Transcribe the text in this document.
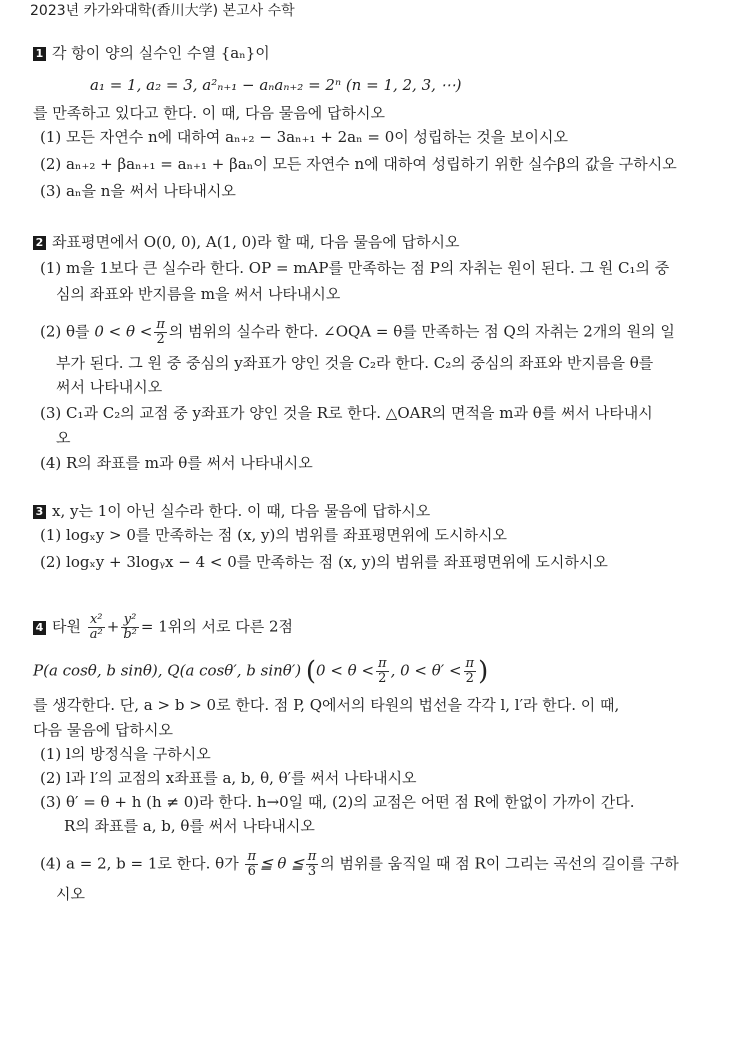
2023년 카가와대학(香川大学) 본고사 수학
1 각 항이 양의 실수인 수열 {aₙ}이
a₁ = 1, a₂ = 3, a²ₙ₊₁ − aₙaₙ₊₂ = 2ⁿ (n = 1, 2, 3, ⋯)
를 만족하고 있다고 한다. 이 때, 다음 물음에 답하시오
(1) 모든 자연수 n에 대하여 aₙ₊₂ − 3aₙ₊₁ + 2aₙ = 0이 성립하는 것을 보이시오
(2) aₙ₊₂ + βaₙ₊₁ = aₙ₊₁ + βaₙ이 모든 자연수 n에 대하여 성립하기 위한 실수β의 값을 구하시오
(3) aₙ을 n을 써서 나타내시오
2 좌표평면에서 O(0, 0), A(1, 0)라 할 때, 다음 물음에 답하시오
(1) m을 1보다 큰 실수라 한다. OP = mAP를 만족하는 점 P의 자취는 원이 된다. 그 원 C₁의 중
심의 좌표와 반지름을 m을 써서 나타내시오
(2) θ를 $0 < \theta < \frac{\pi}{2}$ 의 범위의 실수라 한다. ∠OQA = θ를 만족하는 점 Q의 자취는 2개의 원의 일
부가 된다. 그 원 중 중심의 y좌표가 양인 것을 C₂라 한다. C₂의 중심의 좌표와 반지름을 θ를
써서 나타내시오
(3) C₁과 C₂의 교점 중 y좌표가 양인 것을 R로 한다. △OAR의 면적을 m과 θ를 써서 나타내시
오
(4) R의 좌표를 m과 θ를 써서 나타내시오
3 x, y는 1이 아닌 실수라 한다. 이 때, 다음 물음에 답하시오
(1) logₓy > 0를 만족하는 점 (x, y)의 범위를 좌표평면위에 도시하시오
(2) logₓy + 3logᵧx − 4 < 0를 만족하는 점 (x, y)의 범위를 좌표평면위에 도시하시오
4 타원 $\frac{\text{x²}}{\text{a²}} + \frac{\text{y²}}{\text{b²}} = 1$위의 서로 다른 2점
P(a cosθ, b sinθ), Q(a cosθ′, b sinθ′) ($0 < \theta < \frac{\pi}{2}$ , $0 < \theta' < \frac{\pi}{2}$ )
를 생각한다. 단, a > b > 0로 한다. 점 P, Q에서의 타원의 법선을 각각 l, l′라 한다. 이 때,
다음 물음에 답하시오
(1) l의 방정식을 구하시오
(2) l과 l′의 교점의 x좌표를 a, b, θ, θ′를 써서 나타내시오
(3) θ′ = θ + h (h ≠ 0)라 한다. h→0일 때, (2)의 교점은 어떤 점 R에 한없이 가까이 간다.
R의 좌표를 a, b, θ를 써서 나타내시오
(4) a = 2, b = 1로 한다. θ가 $\frac{\pi}{6}$ ≦ θ ≦ $\frac{\pi}{3}$ 의 범위를 움직일 때 점 R이 그리는 곡선의 길이를 구하
시오
